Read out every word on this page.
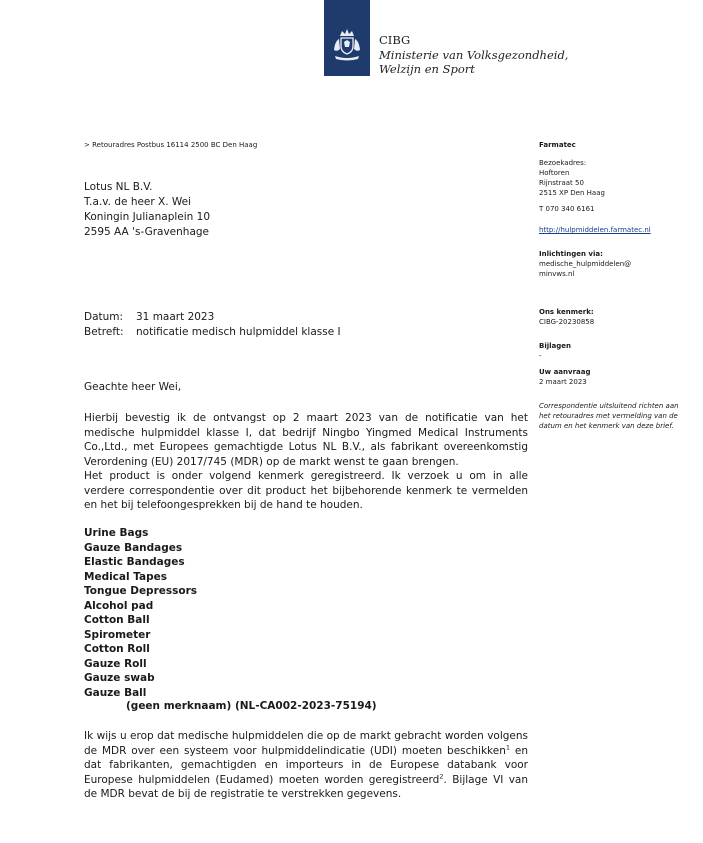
CIBG
Ministerie van Volksgezondheid,
Welzijn en Sport
> Retouradres Postbus 16114 2500 BC Den Haag
Lotus NL B.V.
T.a.v. de heer X. Wei
Koningin Julianaplein 10
2595 AA 's-Gravenhage
Datum: 31 maart 2023
Betreft: notificatie medisch hulpmiddel klasse I
Geachte heer Wei,

Hierbij bevestig ik de ontvangst op 2 maart 2023 van de notificatie van het medische hulpmiddel klasse I, dat bedrijf Ningbo Yingmed Medical Instruments Co.,Ltd., met Europees gemachtigde Lotus NL B.V., als fabrikant overeenkomstig Verordening (EU) 2017/745 (MDR) op de markt wenst te gaan brengen.

Het product is onder volgend kenmerk geregistreerd. Ik verzoek u om in alle verdere correspondentie over dit product het bijbehorende kenmerk te vermelden en het bij telefoongesprekken bij de hand te houden.

Urine Bags
Gauze Bandages
Elastic Bandages
Medical Tapes
Tongue Depressors
Alcohol pad
Cotton Ball
Spirometer
Cotton Roll
Gauze Roll
Gauze swab
Gauze Ball
(geen merknaam) (NL-CA002-2023-75194)
Ik wijs u erop dat medische hulpmiddelen die op de markt gebracht worden volgens de MDR over een systeem voor hulpmiddelindicatie (UDI) moeten beschikken$^1$ en dat fabrikanten, gemachtigden en importeurs in de Europese databank voor Europese hulpmiddelen (Eudamed) moeten worden geregistreerd$^2$. Bijlage VI van de MDR bevat de bij de registratie te verstrekken gegevens.
Farmatec
Bezoekadres:
Hoftoren
Rijnstraat 50
2515 XP Den Haag
T 070 340 6161
http://hulpmiddelen.farmatec.nl
Inlichtingen via:
medische_hulpmiddelen@
minvws.nl
Ons kenmerk:
CIBG-20230858
Bijlagen
-
Uw aanvraag
2 maart 2023
Correspondentie uitsluitend richten aan het retouradres met vermelding van de datum en het kenmerk van deze brief.
